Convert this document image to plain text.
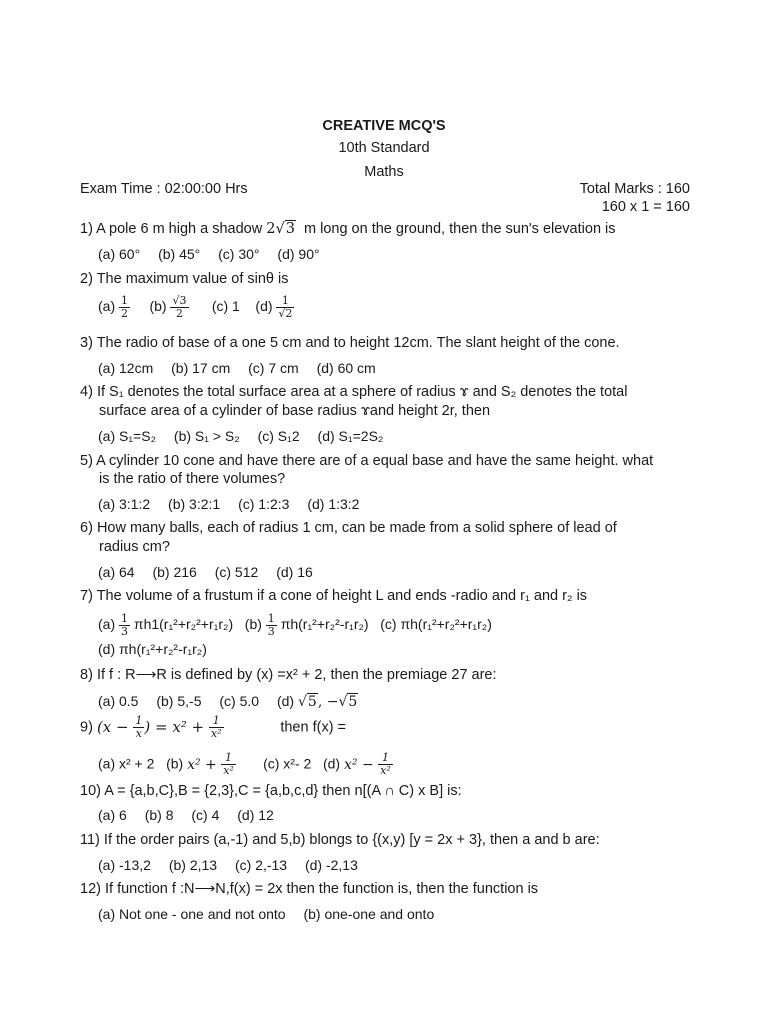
CREATIVE MCQ'S
10th Standard
Maths
Exam Time : 02:00:00 Hrs	Total Marks : 160
160 x 1 = 160
1) A pole 6 m high a shadow 2√3 m long on the ground, then the sun's elevation is
(a) 60° (b) 45° (c) 30° (d) 90°
2) The maximum value of sinθ is
$(a) \frac{1}{2} (b) \frac{√3}{2} (c)$ 1 $(d) \frac{1}{√2}$
3) The radio of base of a one 5 cm and to height 12cm. The slant height of the cone.
(a) 12cm (b) 17 cm (c) 7 cm (d) 60 cm
4) If S₁ denotes the total surface area at a sphere of radius ɤ and S₂ denotes the total
surface area of a cylinder of base radius ɤand height 2r, then
(a) S₁=S₂ (b) S₁ > S₂ (c) S₁2 (d) S₁=2S₂
5) A cylinder 10 cone and have there are of a equal base and have the same height. what
is the ratio of there volumes?
(a) 3:1:2 (b) 3:2:1 (c) 1:2:3 (d) 1:3:2
6) How many balls, each of radius 1 cm, can be made from a solid sphere of lead of
radius cm?
(a) 64 (b) 216 (c) 512 (d) 16
7) The volume of a frustum if a cone of height L and ends -radio and r₁ and r₂ is
$(a) \frac{1}{3} \pi h1(r_1^2+r_2^2+r_1r_2)$ $(b) \frac{1}{3} \pi h(r_1^2+r_2^2-r_1r_2)$ (c) πh(r₁²+r₂²+r₁r₂)
(d) πh(r₁²+r₂²-r₁r₂)
8) If f : R⟶R is defined by (x) =x² + 2, then the premiage 27 are:
(a) 0.5 (b) 5,-5 (c) 5.0 (d) √5, −√5
9) ($x - \frac{1}{x}$ ) = $x^2 + \frac{1}{\text{x²}}$	then f(x) =
(a) x² + 2 (b) $x^2 + \frac{1}{\text{x²}} (c)$ x²- 2 (d) $x^2 - \frac{1}{\text{x²}}$
10) A = {a,b,C},B = {2,3},C = {a,b,c,d} then n[(A ∩ C) x B] is:
(a) 6 (b) 8 (c) 4 (d) 12
11) If the order pairs (a,-1) and 5,b) blongs to {(x,y) [y = 2x + 3}, then a and b are:
(a) -13,2 (b) 2,13 (c) 2,-13 (d) -2,13
12) If function f :N⟶N,f(x) = 2x then the function is, then the function is
(a) Not one - one and not onto (b) one-one and onto
